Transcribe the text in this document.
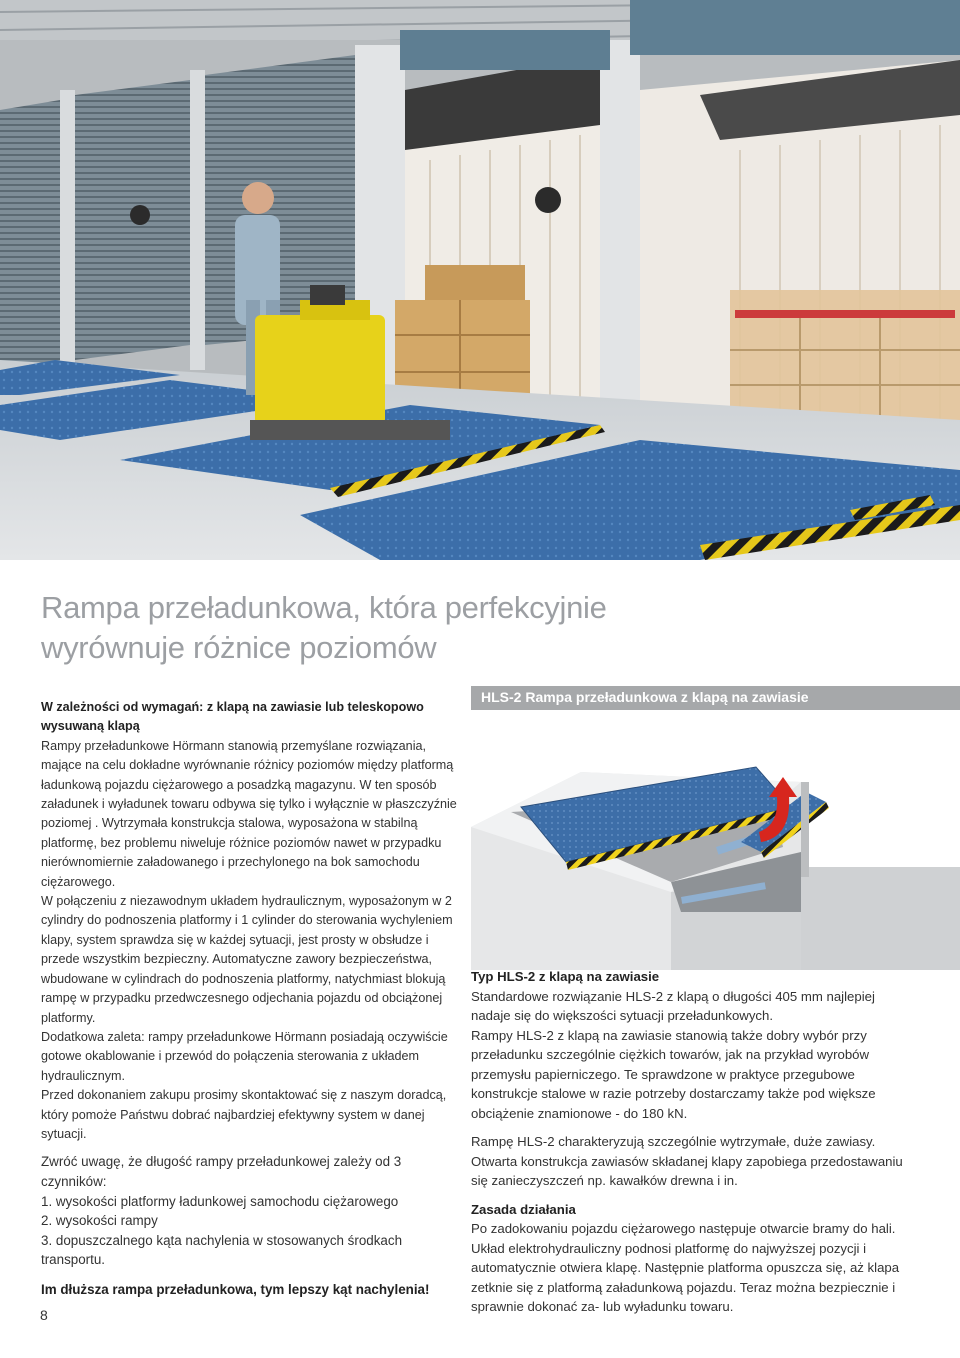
Rampa przeładunkowa, która perfekcyjnie
wyrównuje różnice poziomów

W zależności od wymagań: z klapą na zawiasie lub teleskopowo wysuwaną klapą

Rampy przeładunkowe Hörmann stanowią przemyślane rozwiązania, mające na celu dokładne wyrównanie różnicy poziomów między platformą ładunkową pojazdu ciężarowego a posadzką magazynu. W ten sposób załadunek i wyładunek towaru odbywa się tylko i wyłącznie w płaszczyźnie poziomej . Wytrzymała konstrukcja stalowa, wyposażona w stabilną platformę, bez problemu niweluje różnice poziomów nawet w przypadku nierównomiernie załadowanego i przechylonego na bok samochodu ciężarowego.

W połączeniu z niezawodnym układem hydraulicznym, wyposażonym w 2 cylindry do podnoszenia platformy i 1 cylinder do sterowania wychyleniem klapy, system sprawdza się w każdej sytuacji, jest prosty w obsłudze i przede wszystkim bezpieczny. Automatyczne zawory bezpieczeństwa, wbudowane w cylindrach do podnoszenia platformy, natychmiast blokują rampę w przypadku przedwczesnego odjechania pojazdu od obciążonej platformy.

Dodatkowa zaleta: rampy przeładunkowe Hörmann posiadają oczywiście gotowe okablowanie i przewód do połączenia sterowania z układem hydraulicznym.

Przed dokonaniem zakupu prosimy skontaktować się z naszym doradcą, który pomoże Państwu dobrać najbardziej efektywny system w danej sytuacji.

Zwróć uwagę, że długość rampy przeładunkowej zależy od 3 czynników:

1. wysokości platformy ładunkowej samochodu ciężarowego
2. wysokości rampy
3. dopuszczalnego kąta nachylenia w stosowanych środkach transportu.

Im dłuższa rampa przeładunkowa, tym lepszy kąt nachylenia!

8
HLS-2 Rampa przeładunkowa z klapą na zawiasie
Typ HLS-2 z klapą na zawiasie

Standardowe rozwiązanie HLS-2 z klapą o długości 405 mm najlepiej nadaje się do większości sytuacji przeładunkowych.

Rampy HLS-2 z klapą na zawiasie stanowią także dobry wybór przy przeładunku szczególnie ciężkich towarów, jak na przykład wyrobów przemysłu papierniczego. Te sprawdzone w praktyce przegubowe konstrukcje stalowe w razie potrzeby dostarczamy także pod większe obciążenie znamionowe - do 180 kN.

Rampę HLS-2 charakteryzują szczególnie wytrzymałe, duże zawiasy. Otwarta konstrukcja zawiasów składanej klapy zapobiega przedostawaniu się zanieczyszczeń np. kawałków drewna i in.

Zasada działania

Po zadokowaniu pojazdu ciężarowego następuje otwarcie bramy do hali. Układ elektrohydrauliczny podnosi platformę do najwyższej pozycji i automatycznie otwiera klapę. Następnie platforma opuszcza się, aż klapa zetknie się z platformą załadunkową pojazdu. Teraz można bezpiecznie i sprawnie dokonać za- lub wyładunku towaru.
